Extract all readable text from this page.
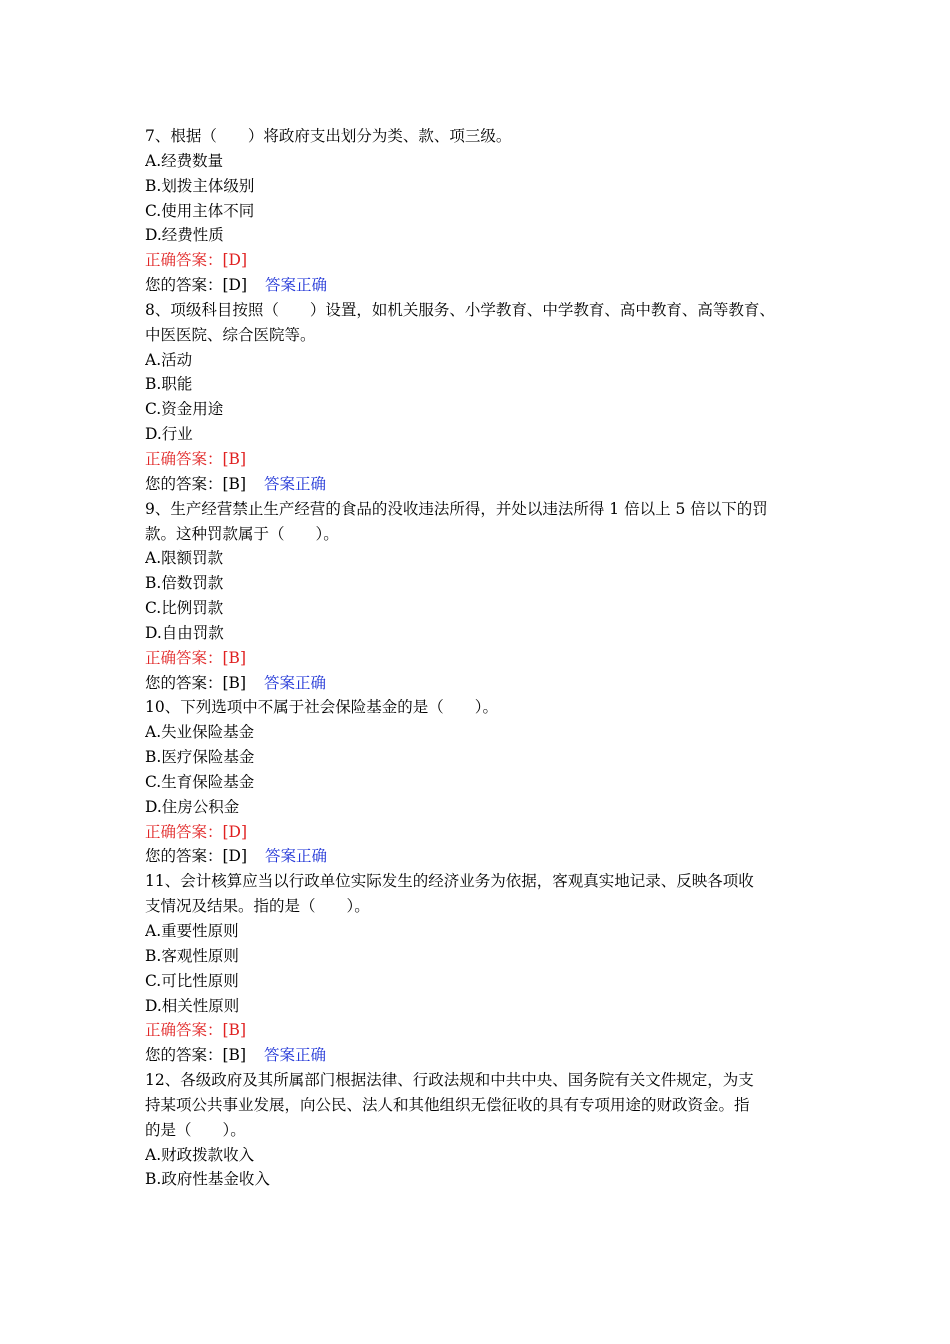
7、根据（　　）将政府支出划分为类、款、项三级。
A.经费数量
B.划拨主体级别
C.使用主体不同
D.经费性质
正确答案：[D]
您的答案：[D] 答案正确
8、项级科目按照（　　）设置，如机关服务、小学教育、中学教育、高中教育、高等教育、
中医医院、综合医院等。
A.活动
B.职能
C.资金用途
D.行业
正确答案：[B]
您的答案：[B] 答案正确
9、生产经营禁止生产经营的食品的没收违法所得，并处以违法所得 1 倍以上 5 倍以下的罚
款。这种罚款属于（　　）。
A.限额罚款
B.倍数罚款
C.比例罚款
D.自由罚款
正确答案：[B]
您的答案：[B] 答案正确
10、下列选项中不属于社会保险基金的是（　　）。
A.失业保险基金
B.医疗保险基金
C.生育保险基金
D.住房公积金
正确答案：[D]
您的答案：[D] 答案正确
11、会计核算应当以行政单位实际发生的经济业务为依据，客观真实地记录、反映各项收
支情况及结果。指的是（　　）。
A.重要性原则
B.客观性原则
C.可比性原则
D.相关性原则
正确答案：[B]
您的答案：[B] 答案正确
12、各级政府及其所属部门根据法律、行政法规和中共中央、国务院有关文件规定，为支
持某项公共事业发展，向公民、法人和其他组织无偿征收的具有专项用途的财政资金。指
的是（　　）。
A.财政拨款收入
B.政府性基金收入
